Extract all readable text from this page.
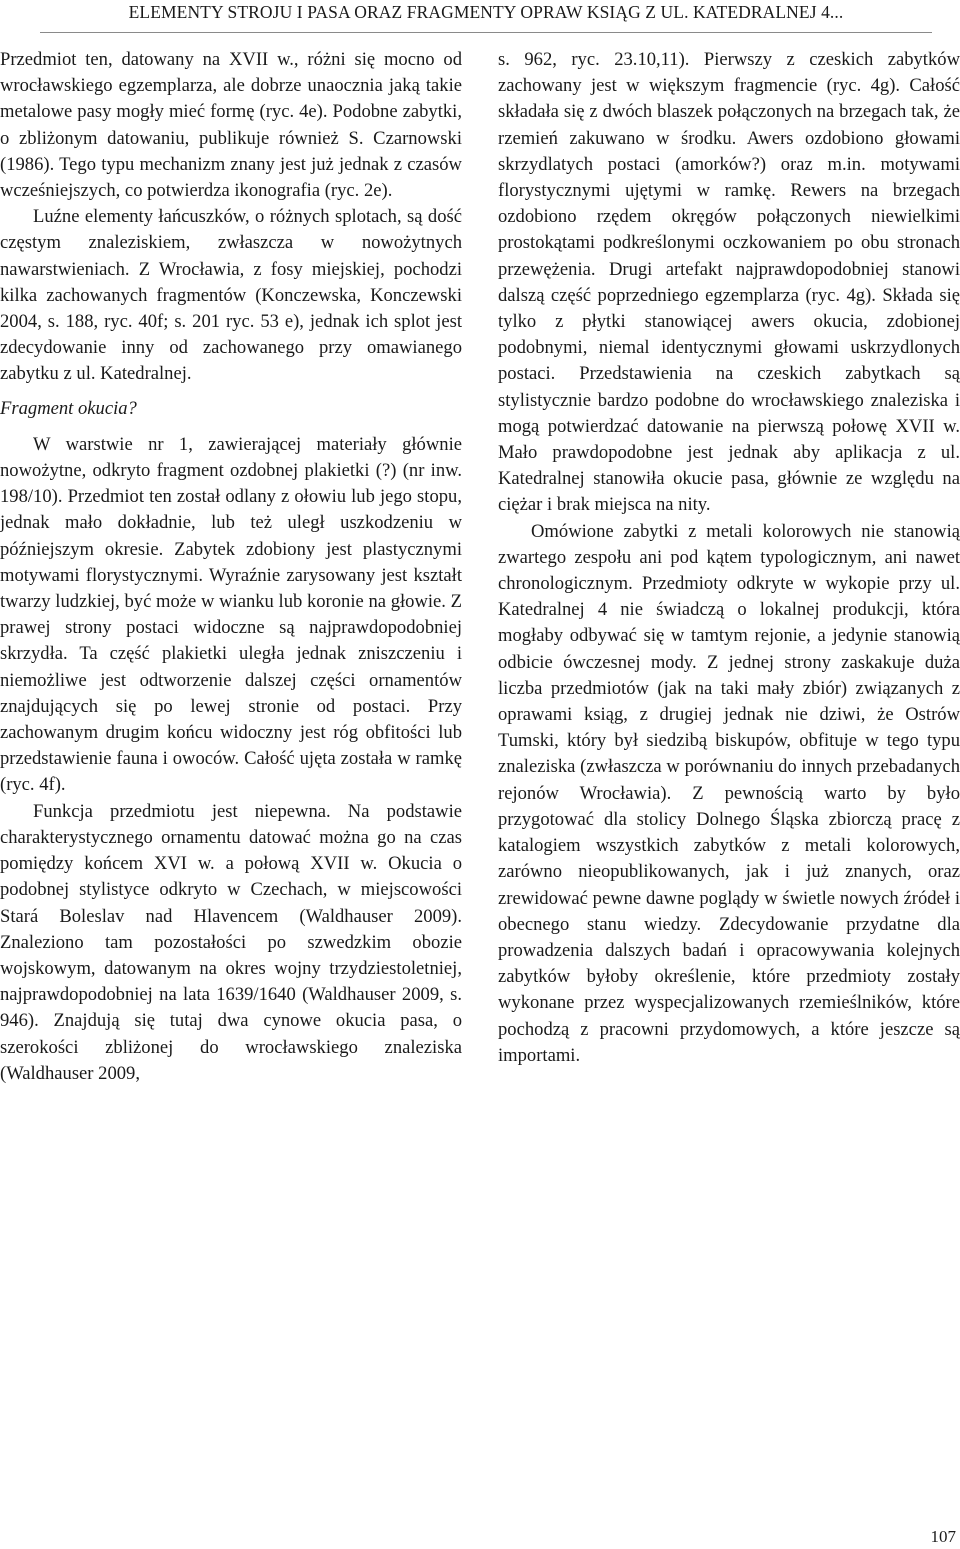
ELEMENTY STROJU I PASA ORAZ FRAGMENTY OPRAW KSIĄG Z UL. KATEDRALNEJ 4...

Przedmiot ten, datowany na XVII w., różni się mocno od wrocławskiego egzemplarza, ale dobrze unaocznia jaką takie metalowe pasy mogły mieć formę (ryc. 4e). Podobne zabytki, o zbliżonym datowaniu, publikuje również S. Czarnowski (1986). Tego typu mechanizm znany jest już jednak z czasów wcześniejszych, co potwierdza ikonografia (ryc. 2e).

Luźne elementy łańcuszków, o różnych splotach, są dość częstym znaleziskiem, zwłaszcza w nowożytnych nawarstwieniach. Z Wrocławia, z fosy miejskiej, pochodzi kilka zachowanych fragmentów (Konczewska, Konczewski 2004, s. 188, ryc. 40f; s. 201 ryc. 53 e), jednak ich splot jest zdecydowanie inny od zachowanego przy omawianego zabytku z ul. Katedralnej.

Fragment okucia?

W warstwie nr 1, zawierającej materiały głównie nowożytne, odkryto fragment ozdobnej plakietki (?) (nr inw. 198/10). Przedmiot ten został odlany z ołowiu lub jego stopu, jednak mało dokładnie, lub też uległ uszkodzeniu w późniejszym okresie. Zabytek zdobiony jest plastycznymi motywami florystycznymi. Wyraźnie zarysowany jest kształt twarzy ludzkiej, być może w wianku lub koronie na głowie. Z prawej strony postaci widoczne są najprawdopodobniej skrzydła. Ta część plakietki uległa jednak zniszczeniu i niemożliwe jest odtworzenie dalszej części ornamentów znajdujących się po lewej stronie od postaci. Przy zachowanym drugim końcu widoczny jest róg obfitości lub przedstawienie fauna i owoców. Całość ujęta została w ramkę (ryc. 4f).

Funkcja przedmiotu jest niepewna. Na podstawie charakterystycznego ornamentu datować można go na czas pomiędzy końcem XVI w. a połową XVII w. Okucia o podobnej stylistyce odkryto w Czechach, w miejscowości Stará Boleslav nad Hlavencem (Waldhauser 2009). Znaleziono tam pozostałości po szwedzkim obozie wojskowym, datowanym na okres wojny trzydziestoletniej, najprawdopodobniej na lata 1639/1640 (Waldhauser 2009, s. 946). Znajdują się tutaj dwa cynowe okucia pasa, o szerokości zbliżonej do wrocławskiego znaleziska (Waldhauser 2009,

s. 962, ryc. 23.10,11). Pierwszy z czeskich zabytków zachowany jest w większym fragmencie (ryc. 4g). Całość składała się z dwóch blaszek połączonych na brzegach tak, że rzemień zakuwano w środku. Awers ozdobiono głowami skrzydlatych postaci (amorków?) oraz m.in. motywami florystycznymi ujętymi w ramkę. Rewers na brzegach ozdobiono rzędem okręgów połączonych niewielkimi prostokątami podkreślonymi oczkowaniem po obu stronach przewężenia. Drugi artefakt najprawdopodobniej stanowi dalszą część poprzedniego egzemplarza (ryc. 4g). Składa się tylko z płytki stanowiącej awers okucia, zdobionej podobnymi, niemal identycznymi głowami uskrzydlonych postaci. Przedstawienia na czeskich zabytkach są stylistycznie bardzo podobne do wrocławskiego znaleziska i mogą potwierdzać datowanie na pierwszą połowę XVII w. Mało prawdopodobne jest jednak aby aplikacja z ul. Katedralnej stanowiła okucie pasa, głównie ze względu na ciężar i brak miejsca na nity.

Omówione zabytki z metali kolorowych nie stanowią zwartego zespołu ani pod kątem typologicznym, ani nawet chronologicznym. Przedmioty odkryte w wykopie przy ul. Katedralnej 4 nie świadczą o lokalnej produkcji, która mogłaby odbywać się w tamtym rejonie, a jedynie stanowią odbicie ówczesnej mody. Z jednej strony zaskakuje duża liczba przedmiotów (jak na taki mały zbiór) związanych z oprawami ksiąg, z drugiej jednak nie dziwi, że Ostrów Tumski, który był siedzibą biskupów, obfituje w tego typu znaleziska (zwłaszcza w porównaniu do innych przebadanych rejonów Wrocławia). Z pewnością warto by było przygotować dla stolicy Dolnego Śląska zbiorczą pracę z katalogiem wszystkich zabytków z metali kolorowych, zarówno nieopublikowanych, jak i już znanych, oraz zrewidować pewne dawne poglądy w świetle nowych źródeł i obecnego stanu wiedzy. Zdecydowanie przydatne dla prowadzenia dalszych badań i opracowywania kolejnych zabytków byłoby określenie, które przedmioty zostały wykonane przez wyspecjalizowanych rzemieślników, które pochodzą z pracowni przydomowych, a które jeszcze są importami.

107
